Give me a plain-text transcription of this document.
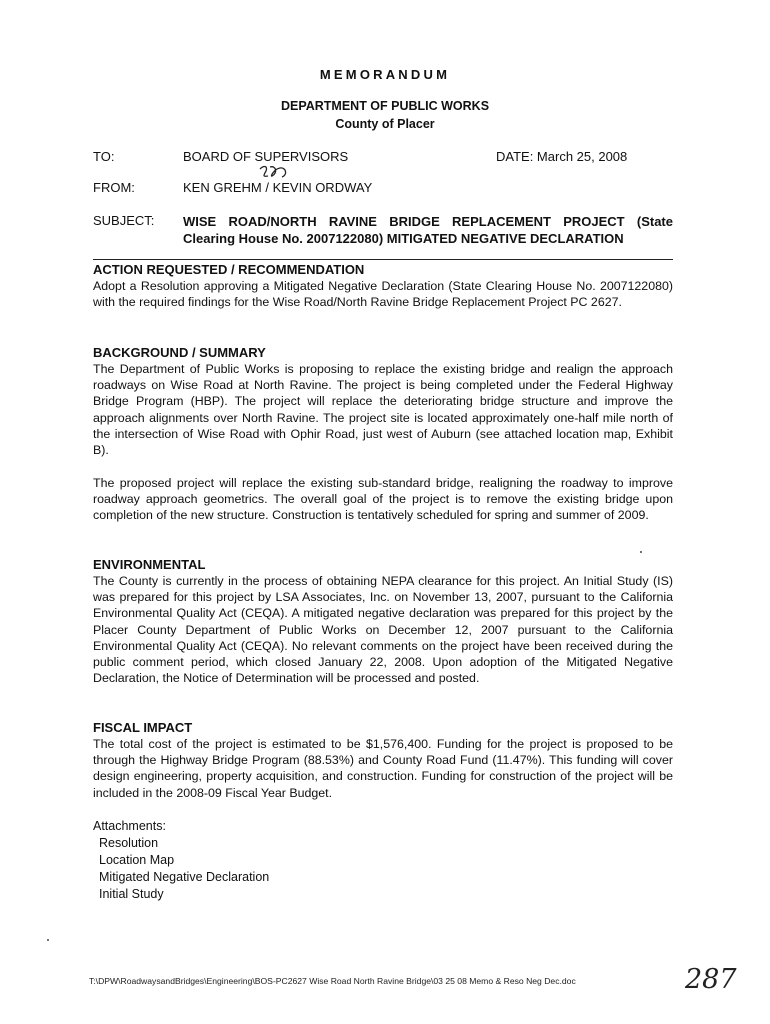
MEMORANDUM
DEPARTMENT OF PUBLIC WORKS
County of Placer
TO:	BOARD OF SUPERVISORS	DATE: March 25, 2008
FROM:	KEN GREHM / KEVIN ORDWAY
SUBJECT: WISE ROAD/NORTH RAVINE BRIDGE REPLACEMENT PROJECT (State Clearing House No. 2007122080) MITIGATED NEGATIVE DECLARATION
ACTION REQUESTED / RECOMMENDATION

Adopt a Resolution approving a Mitigated Negative Declaration (State Clearing House No. 2007122080) with the required findings for the Wise Road/North Ravine Bridge Replacement Project PC 2627.

BACKGROUND / SUMMARY

The Department of Public Works is proposing to replace the existing bridge and realign the approach roadways on Wise Road at North Ravine. The project is being completed under the Federal Highway Bridge Program (HBP). The project will replace the deteriorating bridge structure and improve the approach alignments over North Ravine. The project site is located approximately one-half mile north of the intersection of Wise Road with Ophir Road, just west of Auburn (see attached location map, Exhibit B).

The proposed project will replace the existing sub-standard bridge, realigning the roadway to improve roadway approach geometrics. The overall goal of the project is to remove the existing bridge upon completion of the new structure. Construction is tentatively scheduled for spring and summer of 2009.

ENVIRONMENTAL

The County is currently in the process of obtaining NEPA clearance for this project. An Initial Study (IS) was prepared for this project by LSA Associates, Inc. on November 13, 2007, pursuant to the California Environmental Quality Act (CEQA). A mitigated negative declaration was prepared for this project by the Placer County Department of Public Works on December 12, 2007 pursuant to the California Environmental Quality Act (CEQA). No relevant comments on the project have been received during the public comment period, which closed January 22, 2008. Upon adoption of the Mitigated Negative Declaration, the Notice of Determination will be processed and posted.

FISCAL IMPACT

The total cost of the project is estimated to be $1,576,400. Funding for the project is proposed to be through the Highway Bridge Program (88.53%) and County Road Fund (11.47%). This funding will cover design engineering, property acquisition, and construction. Funding for construction of the project will be included in the 2008-09 Fiscal Year Budget.

Attachments:
Resolution
Location Map
Mitigated Negative Declaration
Initial Study
T:\DPW\RoadwaysandBridges\Engineering\BOS-PC2627 Wise Road North Ravine Bridge\03 25 08 Memo & Reso Neg Dec.doc	287
